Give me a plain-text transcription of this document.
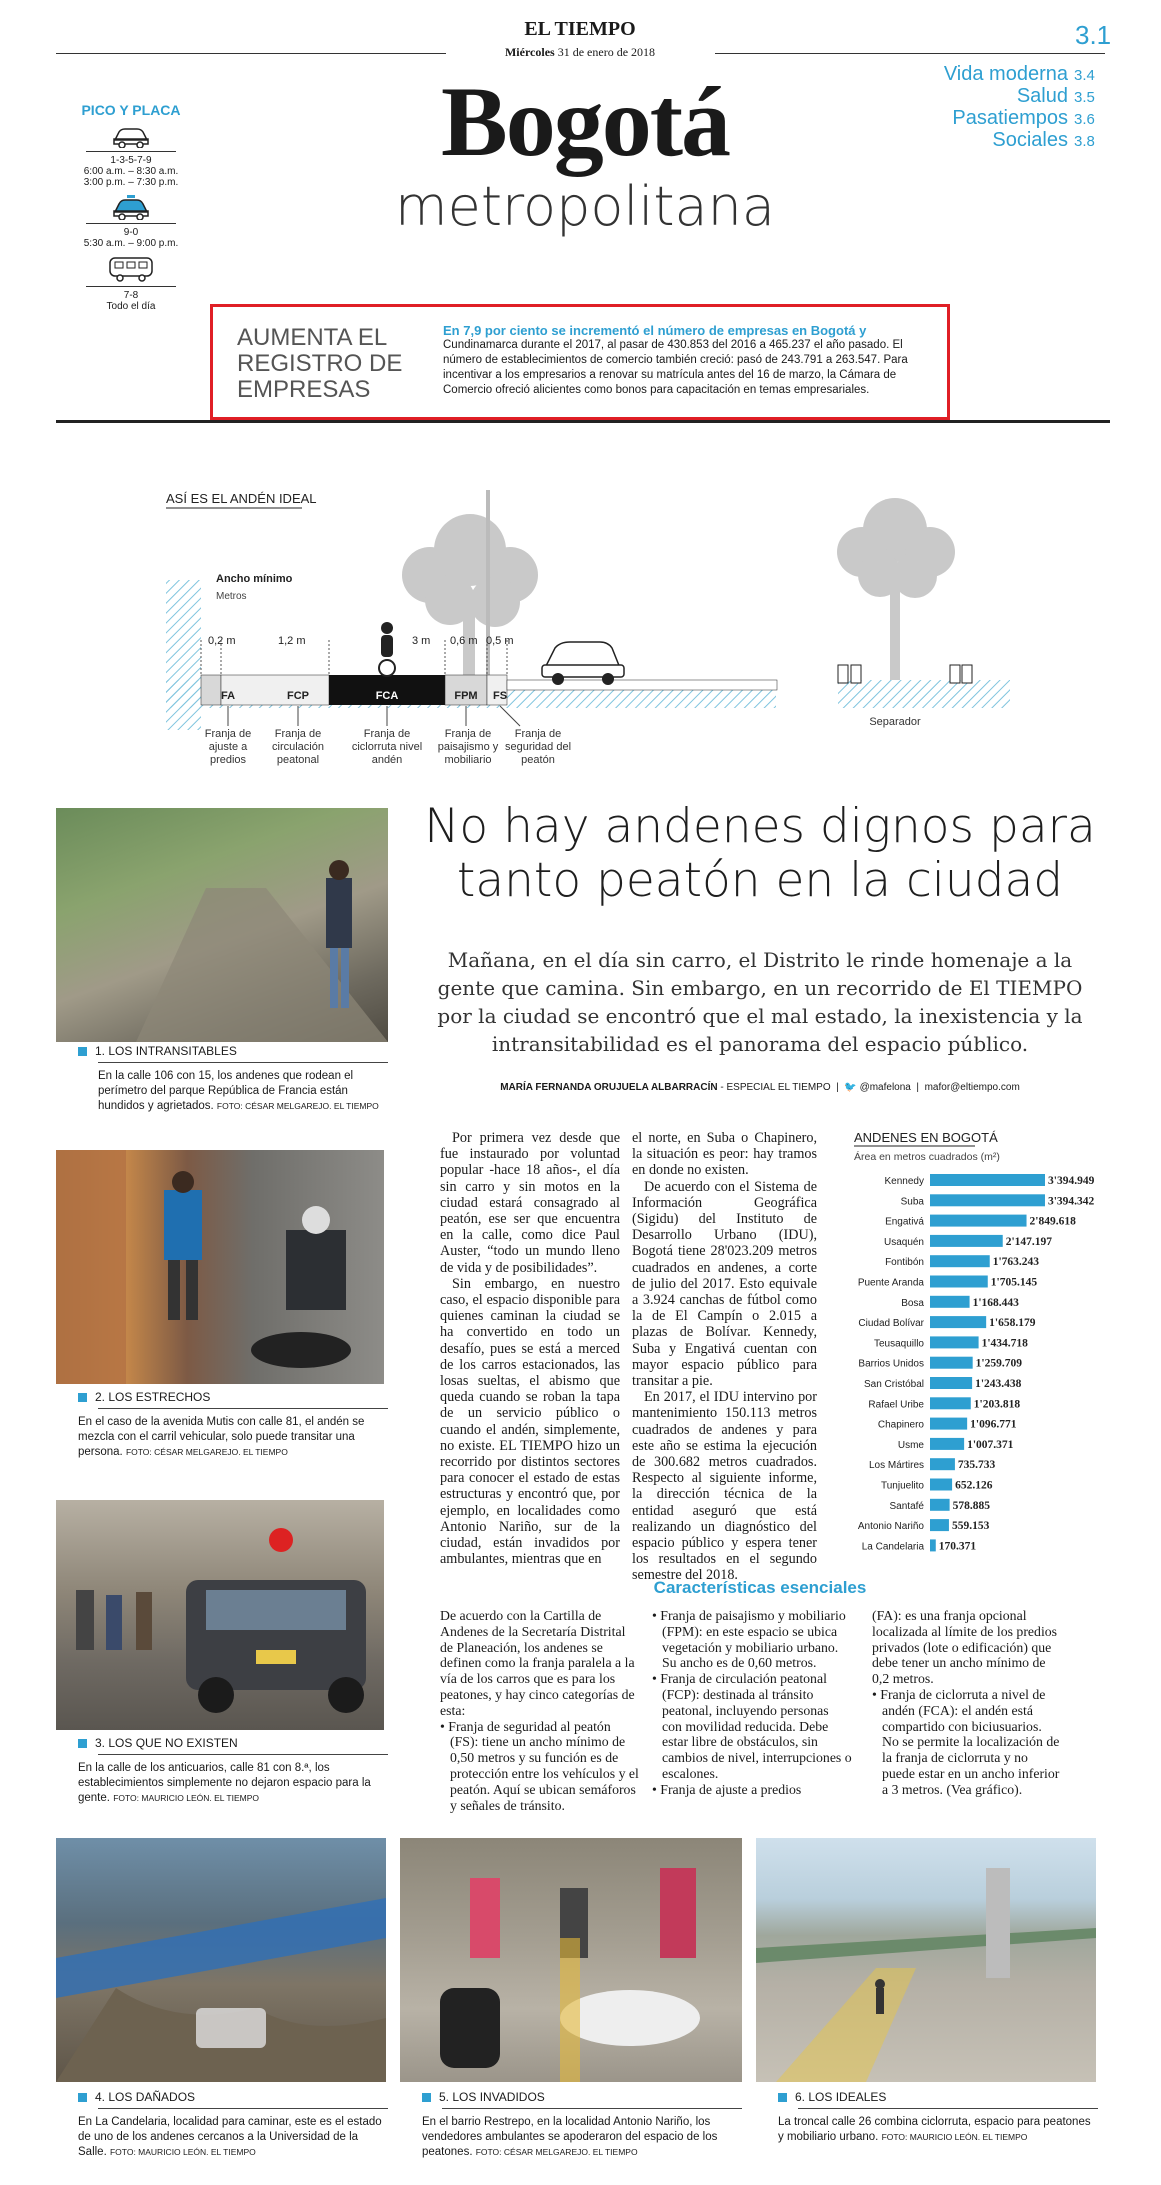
EL TIEMPO
Miércoles 31 de enero de 2018
3.1
Bogotá
metropolitana
Vida moderna 3.4
Salud 3.5
Pasatiempos 3.6
Sociales 3.8
PICO Y PLACA
1-3-5-7-9
6:00 a.m. – 8:30 a.m.
3:00 p.m. – 7:30 p.m.
9-0
5:30 a.m. – 9:00 p.m.
7-8
Todo el día
AUMENTA EL REGISTRO DE EMPRESAS
En 7,9 por ciento se incrementó el número de empresas en Bogotá y
Cundinamarca durante el 2017, al pasar de 430.853 del 2016 a 465.237 el año pasado. El número de establecimientos de comercio también creció: pasó de 243.791 a 263.547. Para incentivar a los empresarios a renovar su matrícula antes del 16 de marzo, la Cámara de Comercio ofreció alicientes como bonos para capacitación en temas empresariales.
ASÍ ES EL ANDÉN IDEAL
Ancho mínimo
Metros
0,2 m	1,2 m	3 m 0,6 m 0,5 m
FA	FCP	FCA	FPM FS
Franja de ajuste a predios
Franja de circulación peatonal
Franja de ciclorruta nivel andén
Franja de paisajismo y mobiliario
Franja de seguridad del peatón
Separador
1. LOS INTRANSITABLES
En la calle 106 con 15, los andenes que rodean el perímetro del parque República de Francia están hundidos y agrietados. FOTO: CÉSAR MELGAREJO. EL TIEMPO
2. LOS ESTRECHOS
En el caso de la avenida Mutis con calle 81, el andén se mezcla con el carril vehicular, solo puede transitar una persona. FOTO: CÉSAR MELGAREJO. EL TIEMPO
3. LOS QUE NO EXISTEN
En la calle de los anticuarios, calle 81 con 8.ª, los establecimientos simplemente no dejaron espacio para la gente. FOTO: MAURICIO LEÓN. EL TIEMPO
No hay andenes dignos para tanto peatón en la ciudad
Mañana, en el día sin carro, el Distrito le rinde homenaje a la gente que camina. Sin embargo, en un recorrido de El TIEMPO por la ciudad se encontró que el mal estado, la inexistencia y la intransitabilidad es el panorama del espacio público.
MARÍA FERNANDA ORUJUELA ALBARRACÍN - ESPECIAL EL TIEMPO  |  🐦 @mafelona  |  mafor@eltiempo.com

Por primera vez desde que fue instaurado por voluntad popular -hace 18 años-, el día sin carro y sin motos en la ciudad estará consagrado al peatón, ese ser que encuentra en la calle, como dice Paul Auster, “todo un mundo lleno de vida y de posibilidades”.

Sin embargo, en nuestro caso, el espacio disponible para quienes caminan la ciudad se ha convertido en todo un desafío, pues se está a merced de los carros estacionados, las losas sueltas, el abismo que queda cuando se roban la tapa de un servicio público o cuando el andén, simplemente, no existe. EL TIEMPO hizo un recorrido por distintos sectores para conocer el estado de estas estructuras y encontró que, por ejemplo, en localidades como Antonio Nariño, sur de la ciudad, están invadidos por ambulantes, mientras que en

el norte, en Suba o Chapinero, la situación es peor: hay tramos en donde no existen.

De acuerdo con el Sistema de Información Geográfica (Sigidu) del Instituto de Desarrollo Urbano (IDU), Bogotá tiene 28'023.209 metros cuadrados en andenes, a corte de julio del 2017. Esto equivale a 3.924 canchas de fútbol como la de El Campín o 2.015 a plazas de Bolívar. Kennedy, Suba y Engativá cuentan con mayor espacio público para transitar a pie.

En 2017, el IDU intervino por mantenimiento 150.113 metros cuadrados de andenes y para este año se estima la ejecución de 300.682 metros cuadrados. Respecto al siguiente informe, la dirección técnica de la entidad aseguró que está realizando un diagnóstico del espacio público y espera tener los resultados en el segundo semestre del 2018.

ANDENES EN BOGOTÁ
Área en metros cuadrados (m²)
Kennedy	3'394.949
Suba	3'394.342
Engativá	2'849.618
Usaquén	2'147.197
Fontibón	1'763.243
Puente Aranda	1'705.145
Bosa	1'168.443
Ciudad Bolívar	1'658.179
Teusaquillo	1'434.718
Barrios Unidos	1'259.709
San Cristóbal	1'243.438
Rafael Uribe	1'203.818
Chapinero	1'096.771
Usme	1'007.371
Los Mártires	735.733
Tunjuelito	652.126
Santafé 578.885
Antonio Nariño 559.153
La Candelaria 170.371
Características esenciales
De acuerdo con la Cartilla de Andenes de la Secretaría Distrital de Planeación, los andenes se definen como la franja paralela a la vía de los carros que es para los peatones, y hay cinco categorías de esta:
• Franja de seguridad al peatón (FS): tiene un ancho mínimo de 0,50 metros y su función es de protección entre los vehículos y el peatón. Aquí se ubican semáforos y señales de tránsito.
• Franja de paisajismo y mobiliario (FPM): en este espacio se ubica vegetación y mobiliario urbano. Su ancho es de 0,60 metros.
• Franja de circulación peatonal (FCP): destinada al tránsito peatonal, incluyendo personas con movilidad reducida. Debe estar libre de obstáculos, sin cambios de nivel, interrupciones o escalones.
• Franja de ajuste a predios
(FA): es una franja opcional localizada al límite de los predios privados (lote o edificación) que debe tener un ancho mínimo de 0,2 metros.
• Franja de ciclorruta a nivel de andén (FCA): el andén está compartido con biciusuarios. No se permite la localización de la franja de ciclorruta y no puede estar en un ancho inferior a 3 metros. (Vea gráfico).
4. LOS DAÑADOS
En La Candelaria, localidad para caminar, este es el estado de uno de los andenes cercanos a la Universidad de la Salle. FOTO: MAURICIO LEÓN. EL TIEMPO
5. LOS INVADIDOS
En el barrio Restrepo, en la localidad Antonio Nariño, los vendedores ambulantes se apoderaron del espacio de los peatones. FOTO: CÉSAR MELGAREJO. EL TIEMPO
6. LOS IDEALES
La troncal calle 26 combina ciclorruta, espacio para peatones y mobiliario urbano. FOTO: MAURICIO LEÓN. EL TIEMPO
